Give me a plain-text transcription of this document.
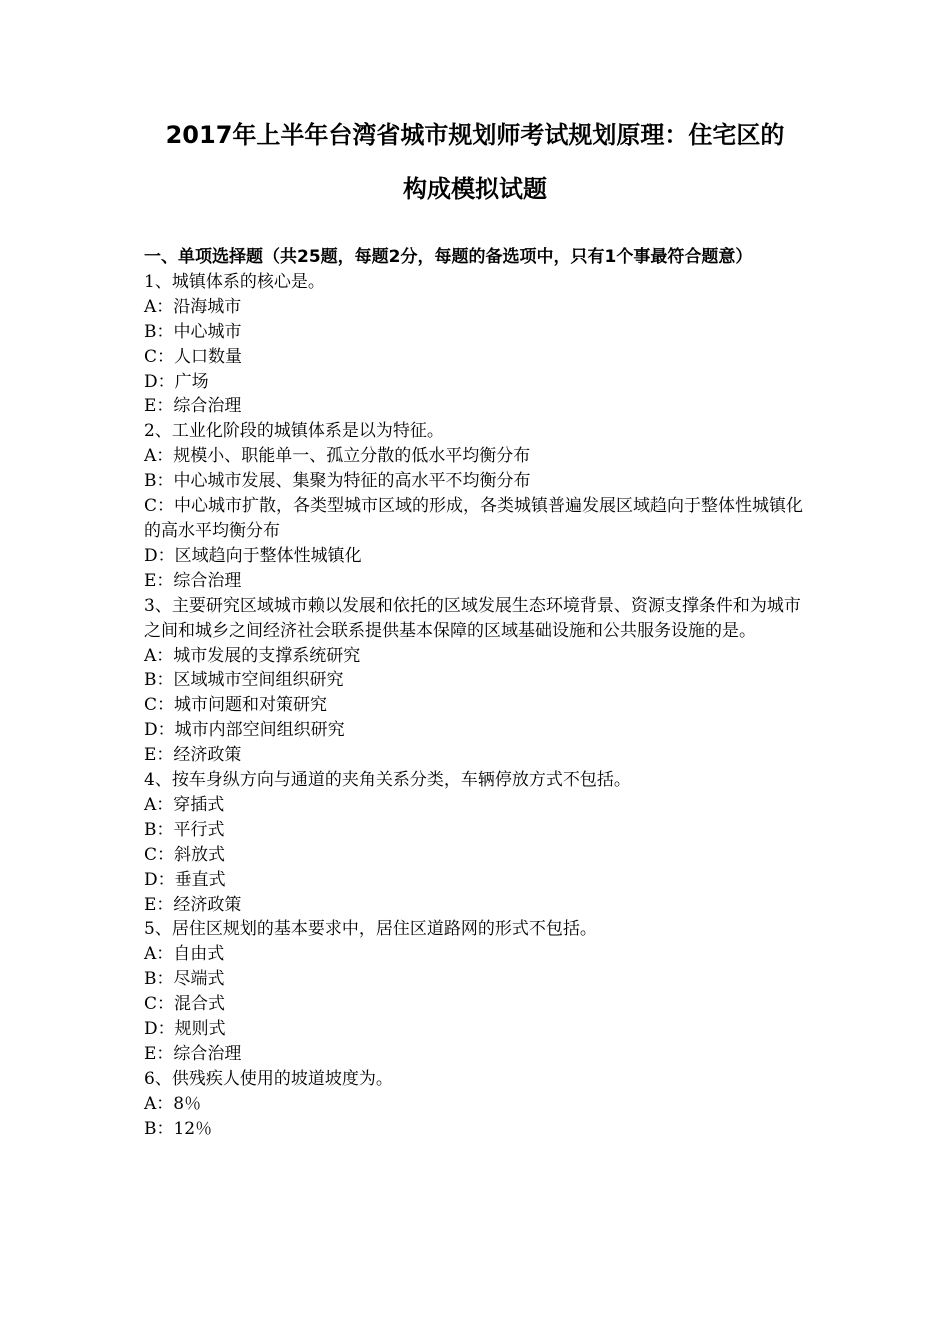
2017年上半年台湾省城市规划师考试规划原理：住宅区的
构成模拟试题
一、单项选择题（共25题，每题2分，每题的备选项中，只有1个事最符合题意）
1、城镇体系的核心是。
A：沿海城市
B：中心城市
C：人口数量
D：广场
E：综合治理
2、工业化阶段的城镇体系是以为特征。
A：规模小、职能单一、孤立分散的低水平均衡分布
B：中心城市发展、集聚为特征的高水平不均衡分布
C：中心城市扩散，各类型城市区域的形成，各类城镇普遍发展区域趋向于整体性城镇化的高水平均衡分布
D：区域趋向于整体性城镇化
E：综合治理
3、主要研究区域城市赖以发展和依托的区域发展生态环境背景、资源支撑条件和为城市之间和城乡之间经济社会联系提供基本保障的区域基础设施和公共服务设施的是。
A：城市发展的支撑系统研究
B：区域城市空间组织研究
C：城市问题和对策研究
D：城市内部空间组织研究
E：经济政策
4、按车身纵方向与通道的夹角关系分类，车辆停放方式不包括。
A：穿插式
B：平行式
C：斜放式
D：垂直式
E：经济政策
5、居住区规划的基本要求中，居住区道路网的形式不包括。
A：自由式
B：尽端式
C：混合式
D：规则式
E：综合治理
6、供残疾人使用的坡道坡度为。
A：8％
B：12％
